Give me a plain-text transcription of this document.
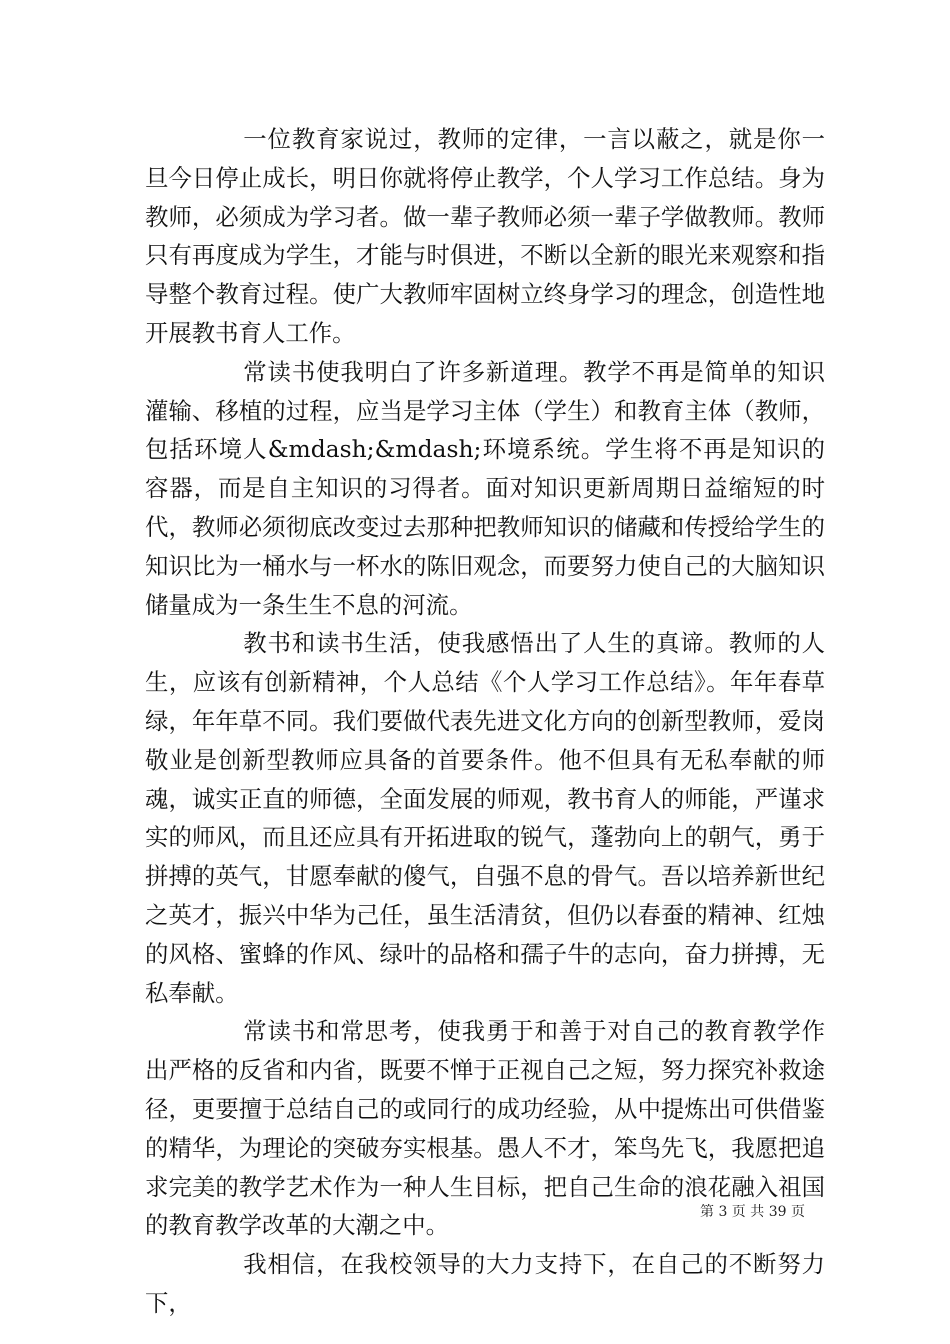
一位教育家说过，教师的定律，一言以蔽之，就是你一旦今日停止成长，明日你就将停止教学，个人学习工作总结。身为教师，必须成为学习者。做一辈子教师必须一辈子学做教师。教师只有再度成为学生，才能与时俱进，不断以全新的眼光来观察和指导整个教育过程。使广大教师牢固树立终身学习的理念，创造性地开展教书育人工作。

常读书使我明白了许多新道理。教学不再是简单的知识灌输、移植的过程，应当是学习主体（学生）和教育主体（教师，包括环境人&mdash;&mdash;环境系统。学生将不再是知识的容器，而是自主知识的习得者。面对知识更新周期日益缩短的时代，教师必须彻底改变过去那种把教师知识的储藏和传授给学生的知识比为一桶水与一杯水的陈旧观念，而要努力使自己的大脑知识储量成为一条生生不息的河流。

教书和读书生活，使我感悟出了人生的真谛。教师的人生，应该有创新精神，个人总结《个人学习工作总结》。年年春草绿，年年草不同。我们要做代表先进文化方向的创新型教师，爱岗敬业是创新型教师应具备的首要条件。他不但具有无私奉献的师魂，诚实正直的师德，全面发展的师观，教书育人的师能，严谨求实的师风，而且还应具有开拓进取的锐气，蓬勃向上的朝气，勇于拼搏的英气，甘愿奉献的傻气，自强不息的骨气。吾以培养新世纪之英才，振兴中华为己任，虽生活清贫，但仍以春蚕的精神、红烛的风格、蜜蜂的作风、绿叶的品格和孺子牛的志向，奋力拼搏，无私奉献。

常读书和常思考，使我勇于和善于对自己的教育教学作出严格的反省和内省，既要不惮于正视自己之短，努力探究补救途径，更要擅于总结自己的或同行的成功经验，从中提炼出可供借鉴的精华，为理论的突破夯实根基。愚人不才，笨鸟先飞，我愿把追求完美的教学艺术作为一种人生目标，把自己生命的浪花融入祖国的教育教学改革的大潮之中。

我相信，在我校领导的大力支持下，在自己的不断努力下，

第 3 页 共 39 页
